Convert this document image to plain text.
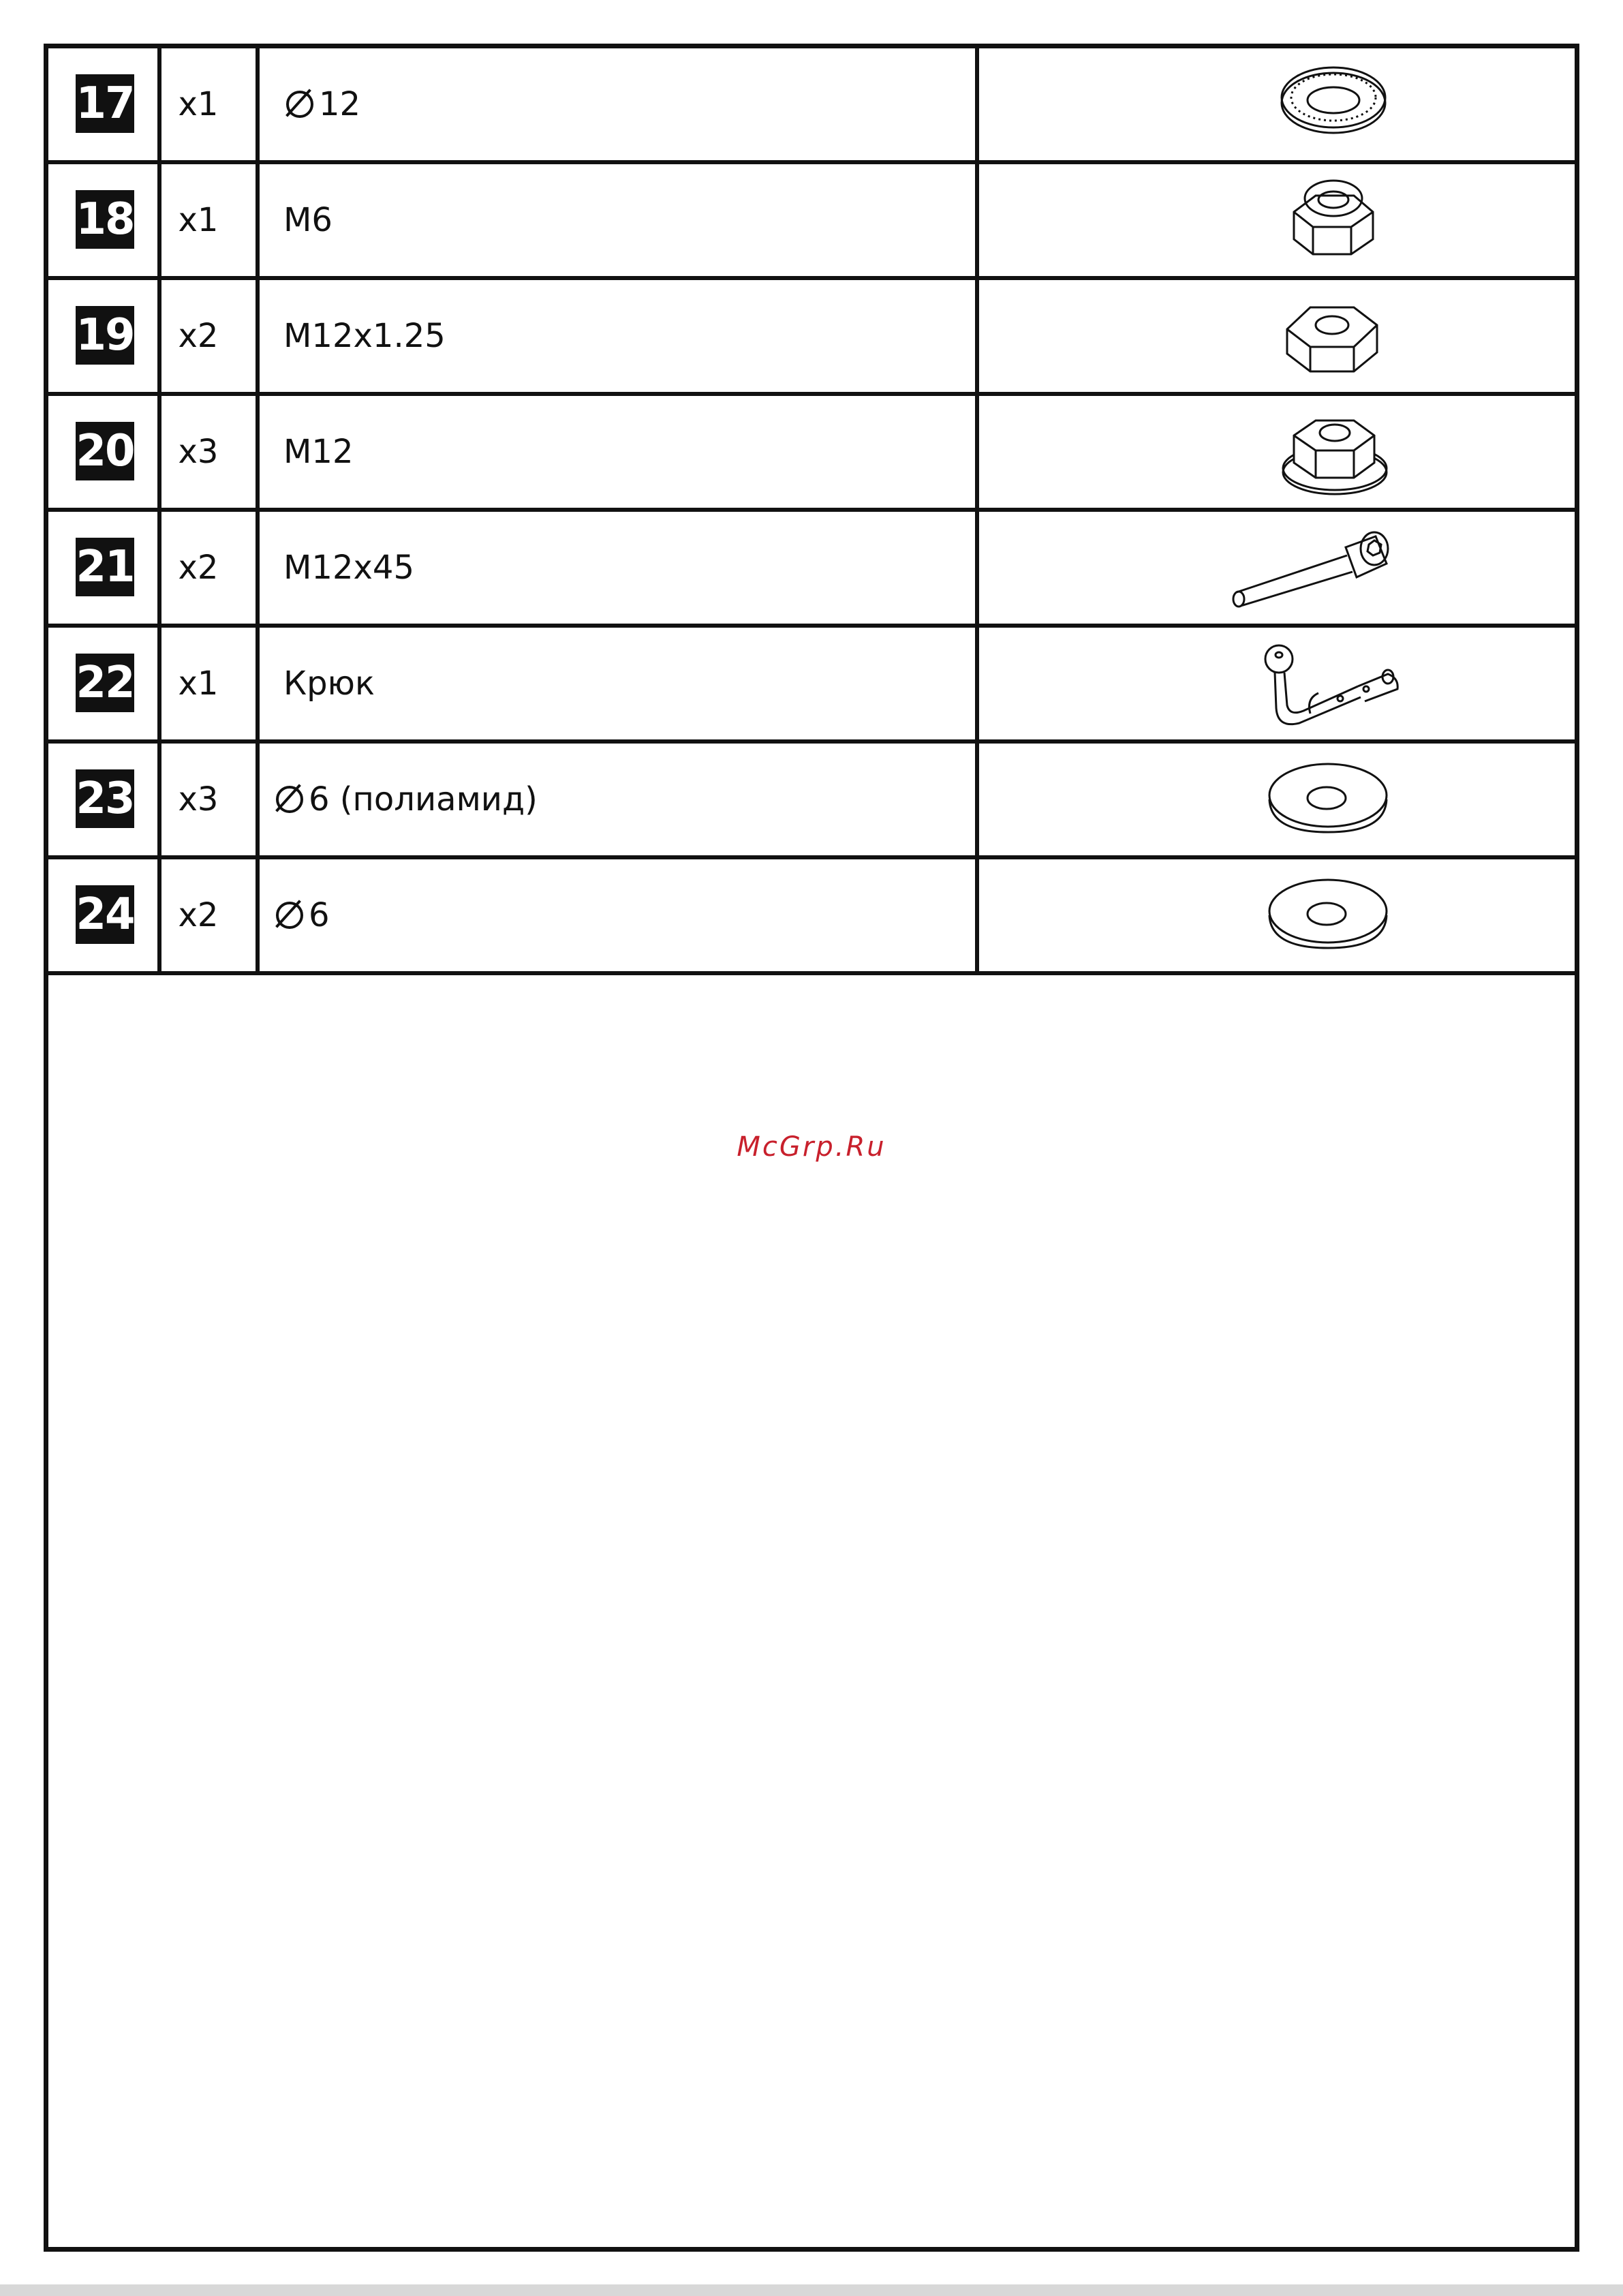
17	x1	12
18	x1	M6
19	x2	M12x1.25
20	x3	M12
21	x2	M12x45
22	x1	Крюк
23	x3	6 (полиамид)
24	x2	6
McGrp.Ru
